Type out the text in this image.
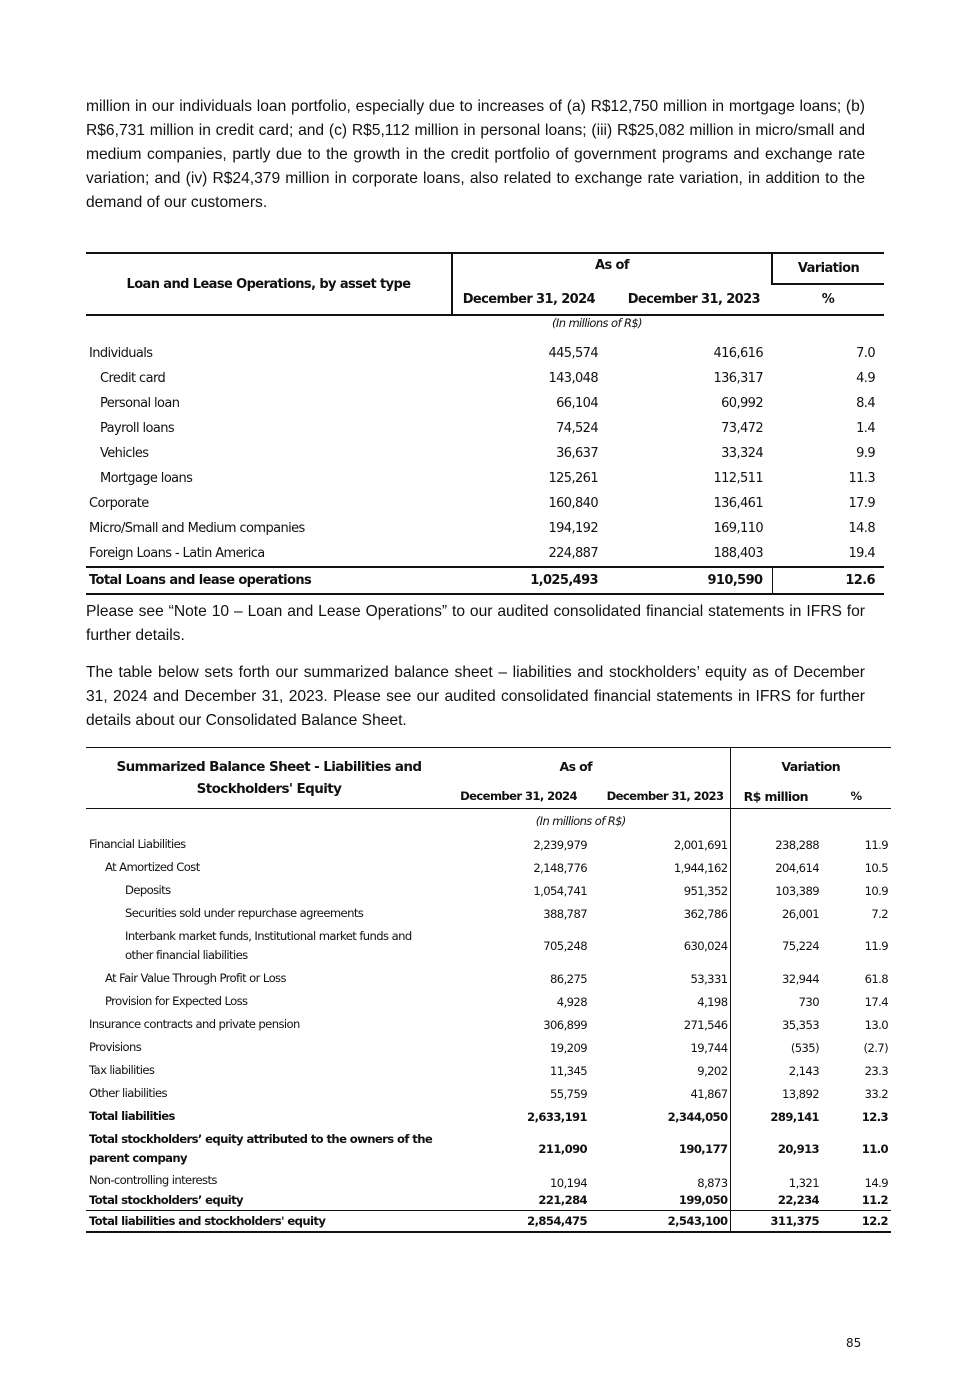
million in our individuals loan portfolio, especially due to increases of (a) R$12,750 million in mortgage loans; (b) R$6,731 million in credit card; and (c) R$5,112 million in personal loans; (iii) R$25,082 million in micro/small and medium companies, partly due to the growth in the credit portfolio of government programs and exchange rate variation; and (iv) R$24,379 million in corporate loans, also related to exchange rate variation, in addition to the demand of our customers.

Loan and Lease Operations, by asset type	As of		Variation
	December 31, 2024	December 31, 2023	%
	(In millions of R$)		
Individuals	445,574	416,616	7.0
Credit card	143,048	136,317	4.9
Personal loan	66,104	60,992	8.4
Payroll loans	74,524	73,472	1.4
Vehicles	36,637	33,324	9.9
Mortgage loans	125,261	112,511	11.3
Corporate	160,840	136,461	17.9
Micro/Small and Medium companies	194,192	169,110	14.8
Foreign Loans - Latin America	224,887	188,403	19.4
Total Loans and lease operations	1,025,493	910,590	12.6

Please see “Note 10 – Loan and Lease Operations” to our audited consolidated financial statements in IFRS for further details.

The table below sets forth our summarized balance sheet – liabilities and stockholders’ equity as of December 31, 2024 and December 31, 2023. Please see our audited consolidated financial statements in IFRS for further details about our Consolidated Balance Sheet.

Summarized Balance Sheet - Liabilities and Stockholders' Equity	As of		Variation	
	December 31, 2024	December 31, 2023	R$ million	%
	(In millions of R$)			
Financial Liabilities	2,239,979	2,001,691	238,288	11.9
At Amortized Cost	2,148,776	1,944,162	204,614	10.5
Deposits	1,054,741	951,352	103,389	10.9
Securities sold under repurchase agreements	388,787	362,786	26,001	7.2
Interbank market funds, Institutional market funds and other financial liabilities	705,248	630,024	75,224	11.9
At Fair Value Through Profit or Loss	86,275	53,331	32,944	61.8
Provision for Expected Loss	4,928	4,198	730	17.4
Insurance contracts and private pension	306,899	271,546	35,353	13.0
Provisions	19,209	19,744	(535)	(2.7)
Tax liabilities	11,345	9,202	2,143	23.3
Other liabilities	55,759	41,867	13,892	33.2
Total liabilities	2,633,191	2,344,050	289,141	12.3
Total stockholders’ equity attributed to the owners of the parent company	211,090	190,177	20,913	11.0
Non-controlling interests	10,194	8,873	1,321	14.9
Total stockholders’ equity	221,284	199,050	22,234	11.2
Total liabilities and stockholders' equity	2,854,475	2,543,100	311,375	12.2
85
